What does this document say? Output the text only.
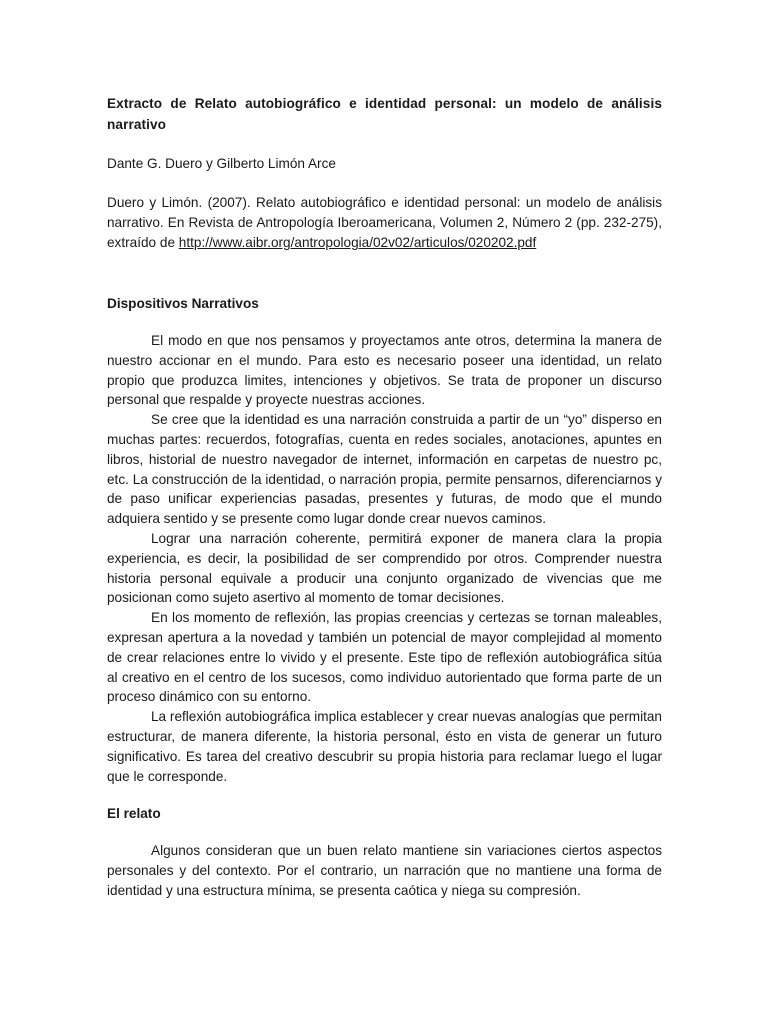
Extracto de Relato autobiográfico e identidad personal: un modelo de análisis narrativo

Dante G. Duero y Gilberto Limón Arce

Duero y Limón. (2007). Relato autobiográfico e identidad personal: un modelo de análisis narrativo. En Revista de Antropología Iberoamericana, Volumen 2, Número 2 (pp. 232-275), extraído de http://www.aibr.org/antropologia/02v02/articulos/020202.pdf

Dispositivos Narrativos

El modo en que nos pensamos y proyectamos ante otros, determina la manera de nuestro accionar en el mundo. Para esto es necesario poseer una identidad, un relato propio que produzca limites, intenciones y objetivos. Se trata de proponer un discurso personal que respalde y proyecte nuestras acciones.

Se cree que la identidad es una narración construida a partir de un “yo” disperso en muchas partes: recuerdos, fotografías, cuenta en redes sociales, anotaciones, apuntes en libros, historial de nuestro navegador de internet, información en carpetas de nuestro pc, etc. La construcción de la identidad, o narración propia, permite pensarnos, diferenciarnos y de paso unificar experiencias pasadas, presentes y futuras, de modo que el mundo adquiera sentido y se presente como lugar donde crear nuevos caminos.

Lograr una narración coherente, permitirá exponer de manera clara la propia experiencia, es decir, la posibilidad de ser comprendido por otros. Comprender nuestra historia personal equivale a producir una conjunto organizado de vivencias que me posicionan como sujeto asertivo al momento de tomar decisiones.

En los momento de reflexión, las propias creencias y certezas se tornan maleables, expresan apertura a la novedad y también un potencial de mayor complejidad al momento de crear relaciones entre lo vivido y el presente. Este tipo de reflexión autobiográfica sitúa al creativo en el centro de los sucesos, como individuo autorientado que forma parte de un proceso dinámico con su entorno.

La reflexión autobiográfica implica establecer y crear nuevas analogías que permitan estructurar, de manera diferente, la historia personal, ésto en vista de generar un futuro significativo. Es tarea del creativo descubrir su propia historia para reclamar luego el lugar que le corresponde.

El relato

Algunos consideran que un buen relato mantiene sin variaciones ciertos aspectos personales y del contexto. Por el contrario, un narración que no mantiene una forma de identidad y una estructura mínima, se presenta caótica y niega su compresión.
